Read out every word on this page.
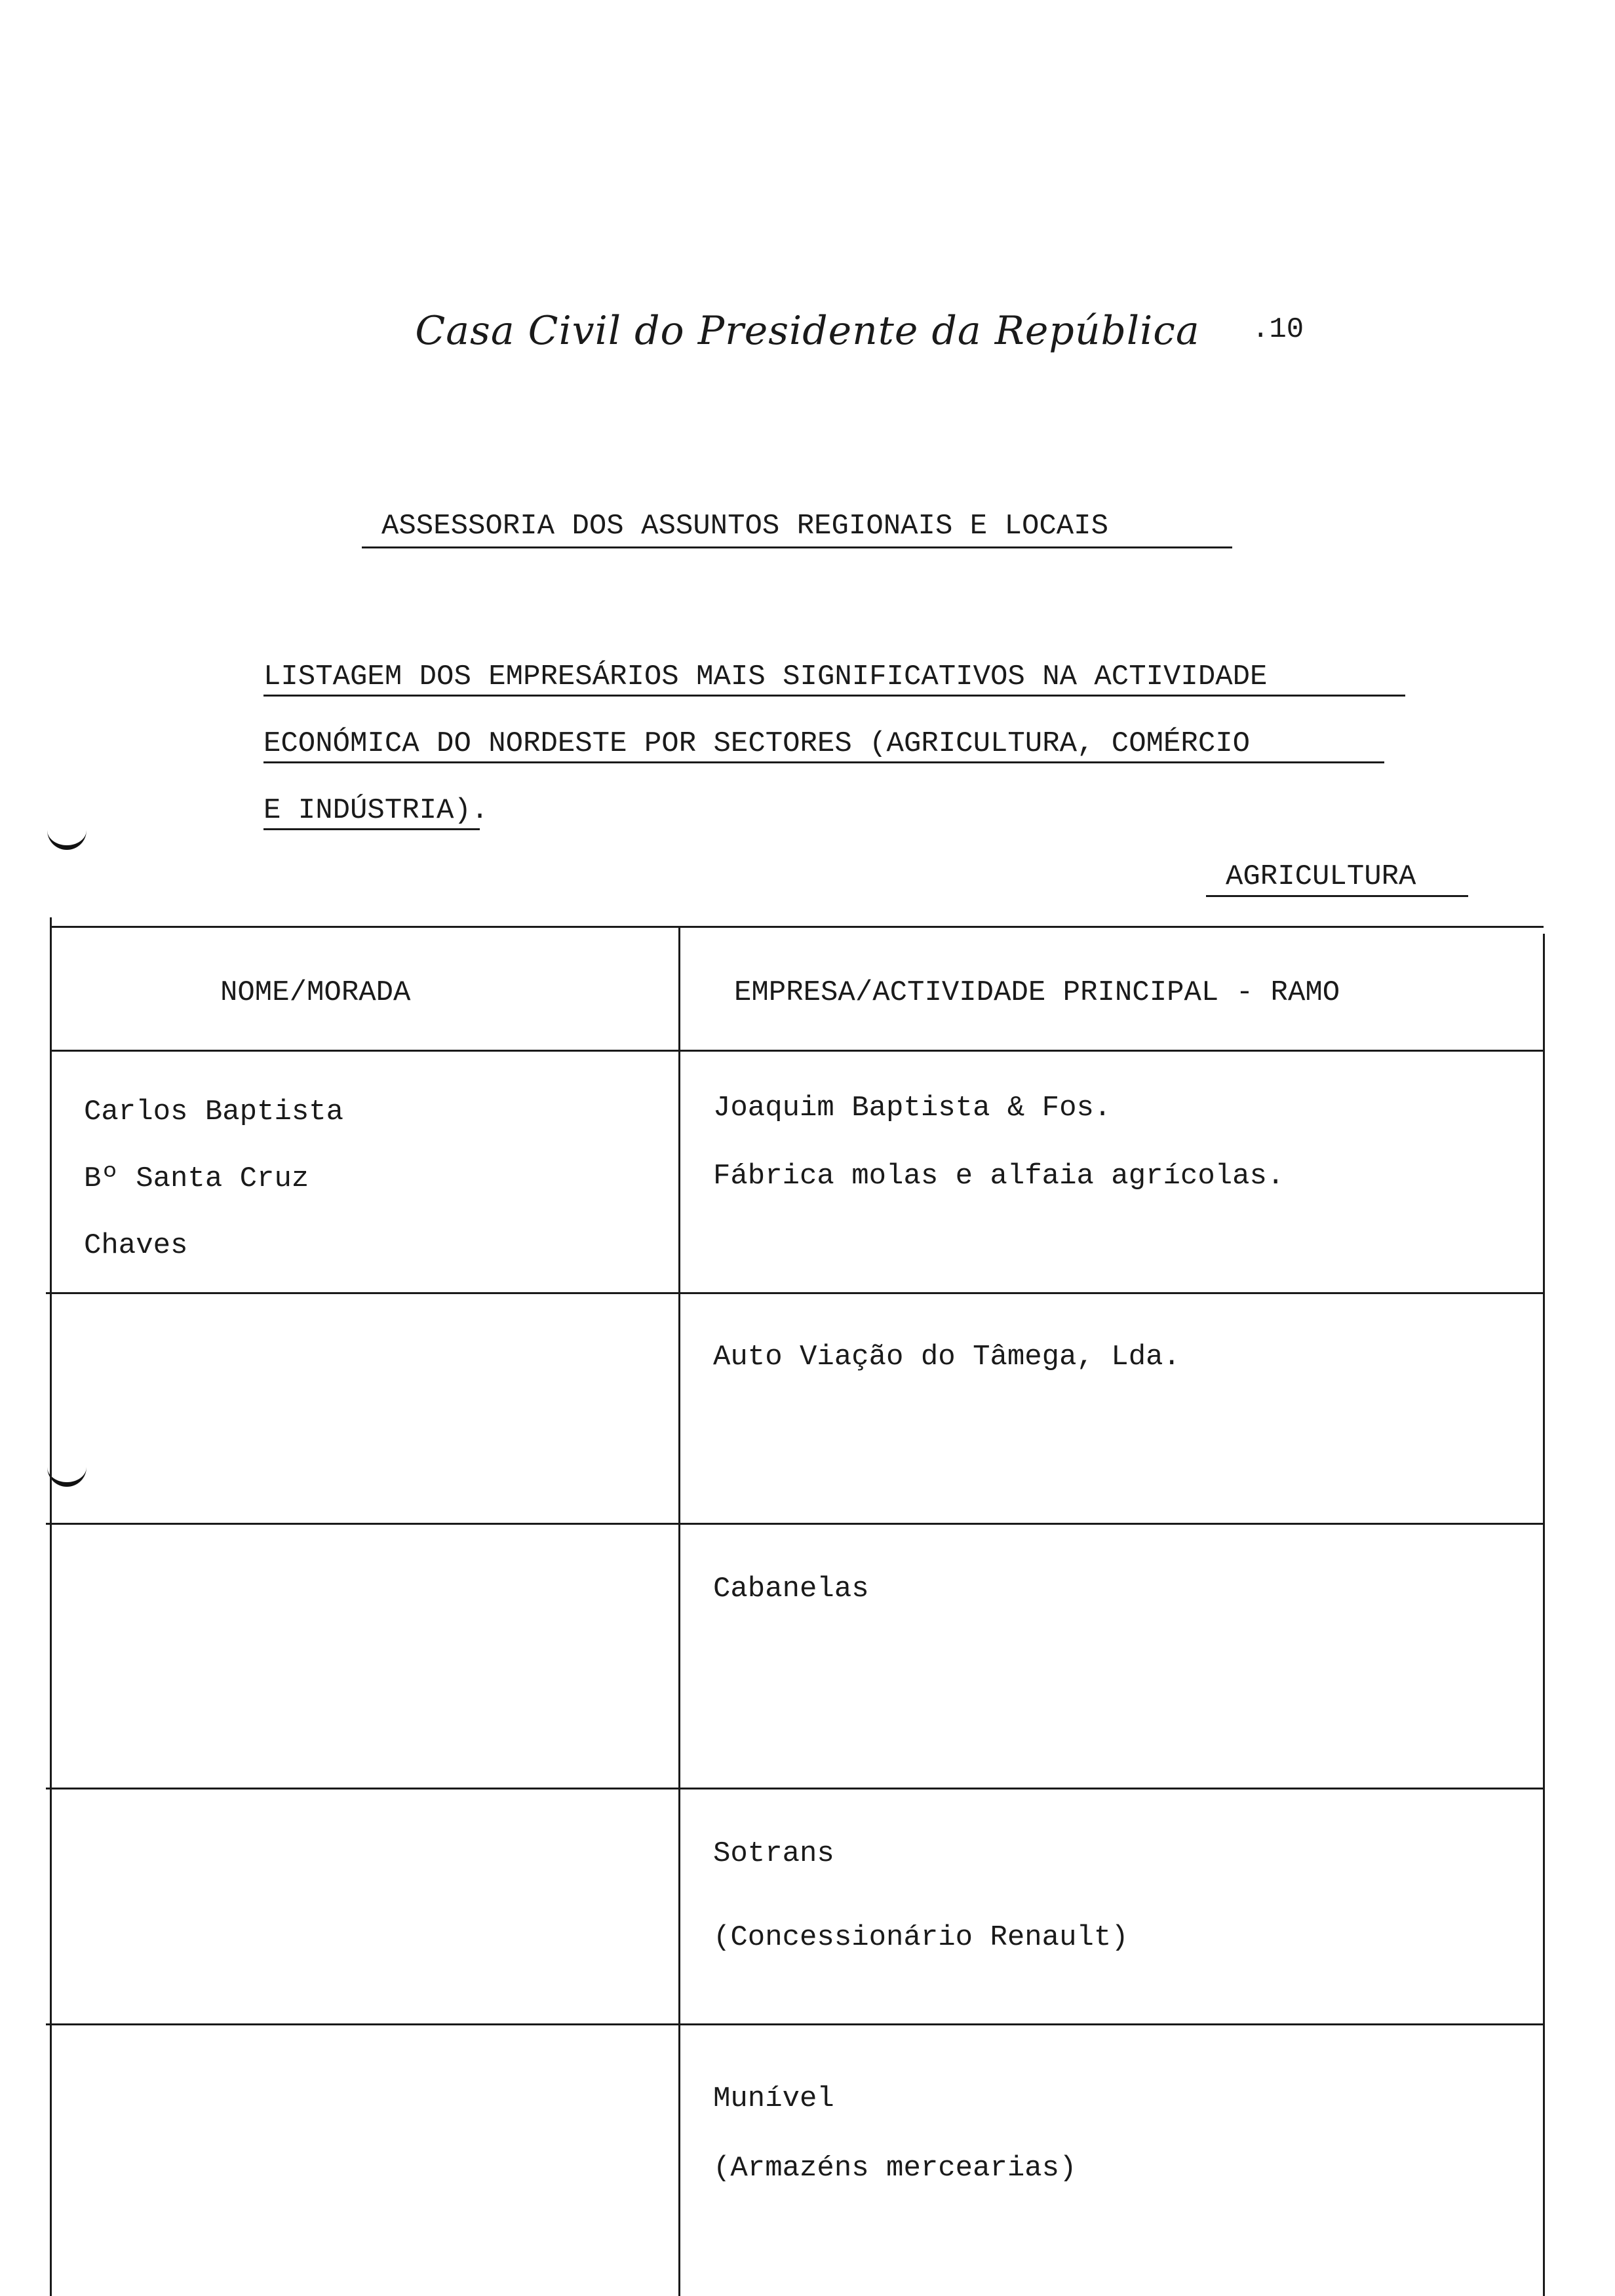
Casa Civil do Presidente da República	.10
ASSESSORIA DOS ASSUNTOS REGIONAIS E LOCAIS
LISTAGEM DOS EMPRESÁRIOS MAIS SIGNIFICATIVOS NA ACTIVIDADE
ECONÓMICA DO NORDESTE POR SECTORES (AGRICULTURA, COMÉRCIO
E INDÚSTRIA).
AGRICULTURA
NOME/MORADA	EMPRESA/ACTIVIDADE PRINCIPAL - RAMO
Carlos Baptista
Bº Santa Cruz
Chaves
Joaquim Baptista & Fos.
Fábrica molas e alfaia agrícolas.
Auto Viação do Tâmega, Lda.
Cabanelas
Sotrans
(Concessionário Renault)
Munível
(Armazéns mercearias)
